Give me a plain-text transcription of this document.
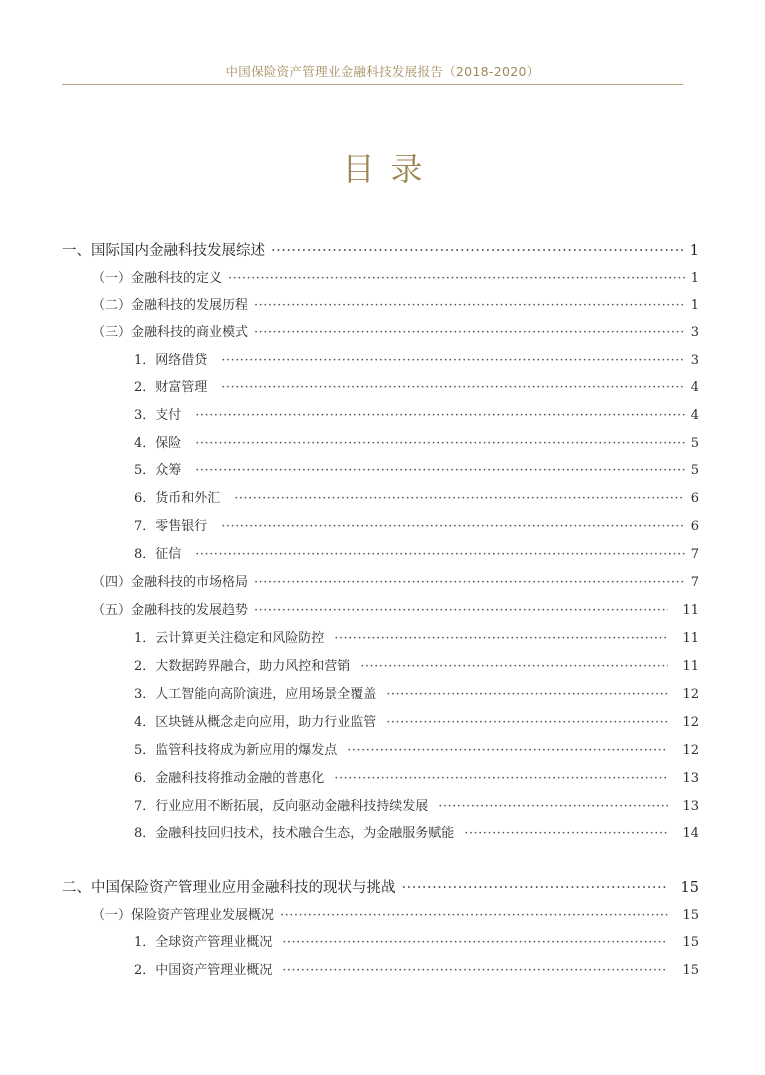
中国保险资产管理业金融科技发展报告（2018-2020）
目录
一、国际国内金融科技发展综述 ·····	1
（一）金融科技的定义 ·····	1
（二）金融科技的发展历程 ·····	1
（三）金融科技的商业模式 ·····	3
1．网络借贷 ·····	3
2．财富管理 ·····	4
3．支付 ·····	4
4．保险 ·····	5
5．众筹 ·····	5
6．货币和外汇 ·····	6
7．零售银行 ·····	6
8．征信 ·····	7
（四）金融科技的市场格局 ·····	7
（五）金融科技的发展趋势 ·····	11
1．云计算更关注稳定和风险防控 ·····	11
2．大数据跨界融合，助力风控和营销 ·····	11
3．人工智能向高阶演进，应用场景全覆盖 ·····	12
4．区块链从概念走向应用，助力行业监管 ·····	12
5．监管科技将成为新应用的爆发点 ·····	12
6．金融科技将推动金融的普惠化 ·····	13
7．行业应用不断拓展，反向驱动金融科技持续发展 ·····	13
8．金融科技回归技术，技术融合生态，为金融服务赋能 ·····	14
二、中国保险资产管理业应用金融科技的现状与挑战 ·····	15
（一）保险资产管理业发展概况 ·····	15
1．全球资产管理业概况 ·····	15
2．中国资产管理业概况 ·····	15
